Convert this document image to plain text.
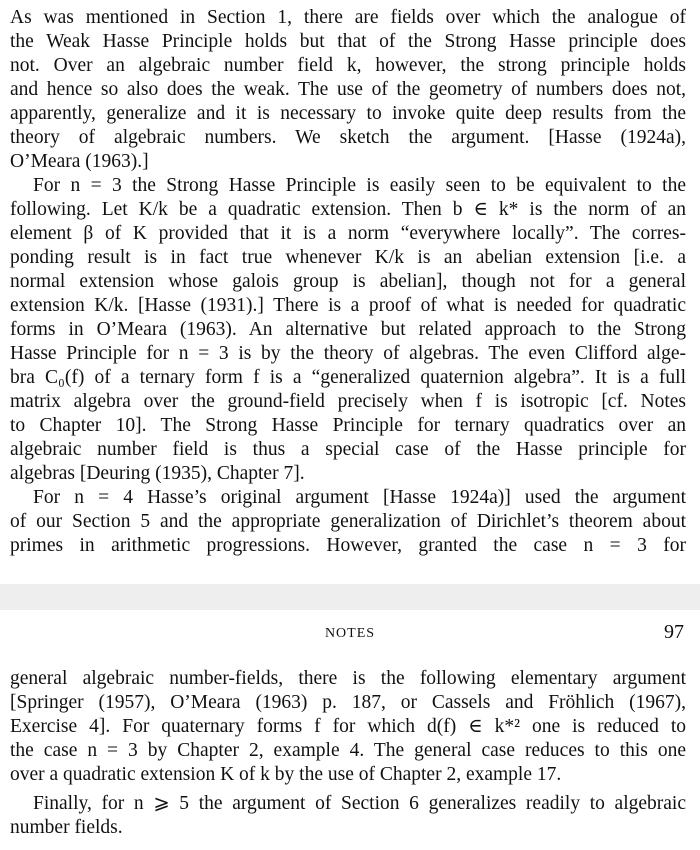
As was mentioned in Section 1, there are fields over which the analogue of
the Weak Hasse Principle holds but that of the Strong Hasse principle does
not. Over an algebraic number field k, however, the strong principle holds
and hence so also does the weak. The use of the geometry of numbers does not,
apparently, generalize and it is necessary to invoke quite deep results from the
theory of algebraic numbers. We sketch the argument. [Hasse (1924a),
O’Meara (1963).]
For n = 3 the Strong Hasse Principle is easily seen to be equivalent to the
following. Let K/k be a quadratic extension. Then b ∈ k* is the norm of an
element β of K provided that it is a norm “everywhere locally”. The corres-
ponding result is in fact true whenever K/k is an abelian extension [i.e. a
normal extension whose galois group is abelian], though not for a general
extension K/k. [Hasse (1931).] There is a proof of what is needed for quadratic
forms in O’Meara (1963). An alternative but related approach to the Strong
Hasse Principle for n = 3 is by the theory of algebras. The even Clifford alge-
bra C₀(f) of a ternary form f is a “generalized quaternion algebra”. It is a full
matrix algebra over the ground-field precisely when f is isotropic [cf. Notes
to Chapter 10]. The Strong Hasse Principle for ternary quadratics over an
algebraic number field is thus a special case of the Hasse principle for
algebras [Deuring (1935), Chapter 7].
For n = 4 Hasse’s original argument [Hasse 1924a)] used the argument
of our Section 5 and the appropriate generalization of Dirichlet’s theorem about
primes in arithmetic progressions. However, granted the case n = 3 for
NOTES	97
general algebraic number-fields, there is the following elementary argument
[Springer (1957), O’Meara (1963) p. 187, or Cassels and Fröhlich (1967),
Exercise 4]. For quaternary forms f for which d(f) ∈ k*² one is reduced to
the case n = 3 by Chapter 2, example 4. The general case reduces to this one
over a quadratic extension K of k by the use of Chapter 2, example 17.
Finally, for n ⩾ 5 the argument of Section 6 generalizes readily to algebraic
number fields.
